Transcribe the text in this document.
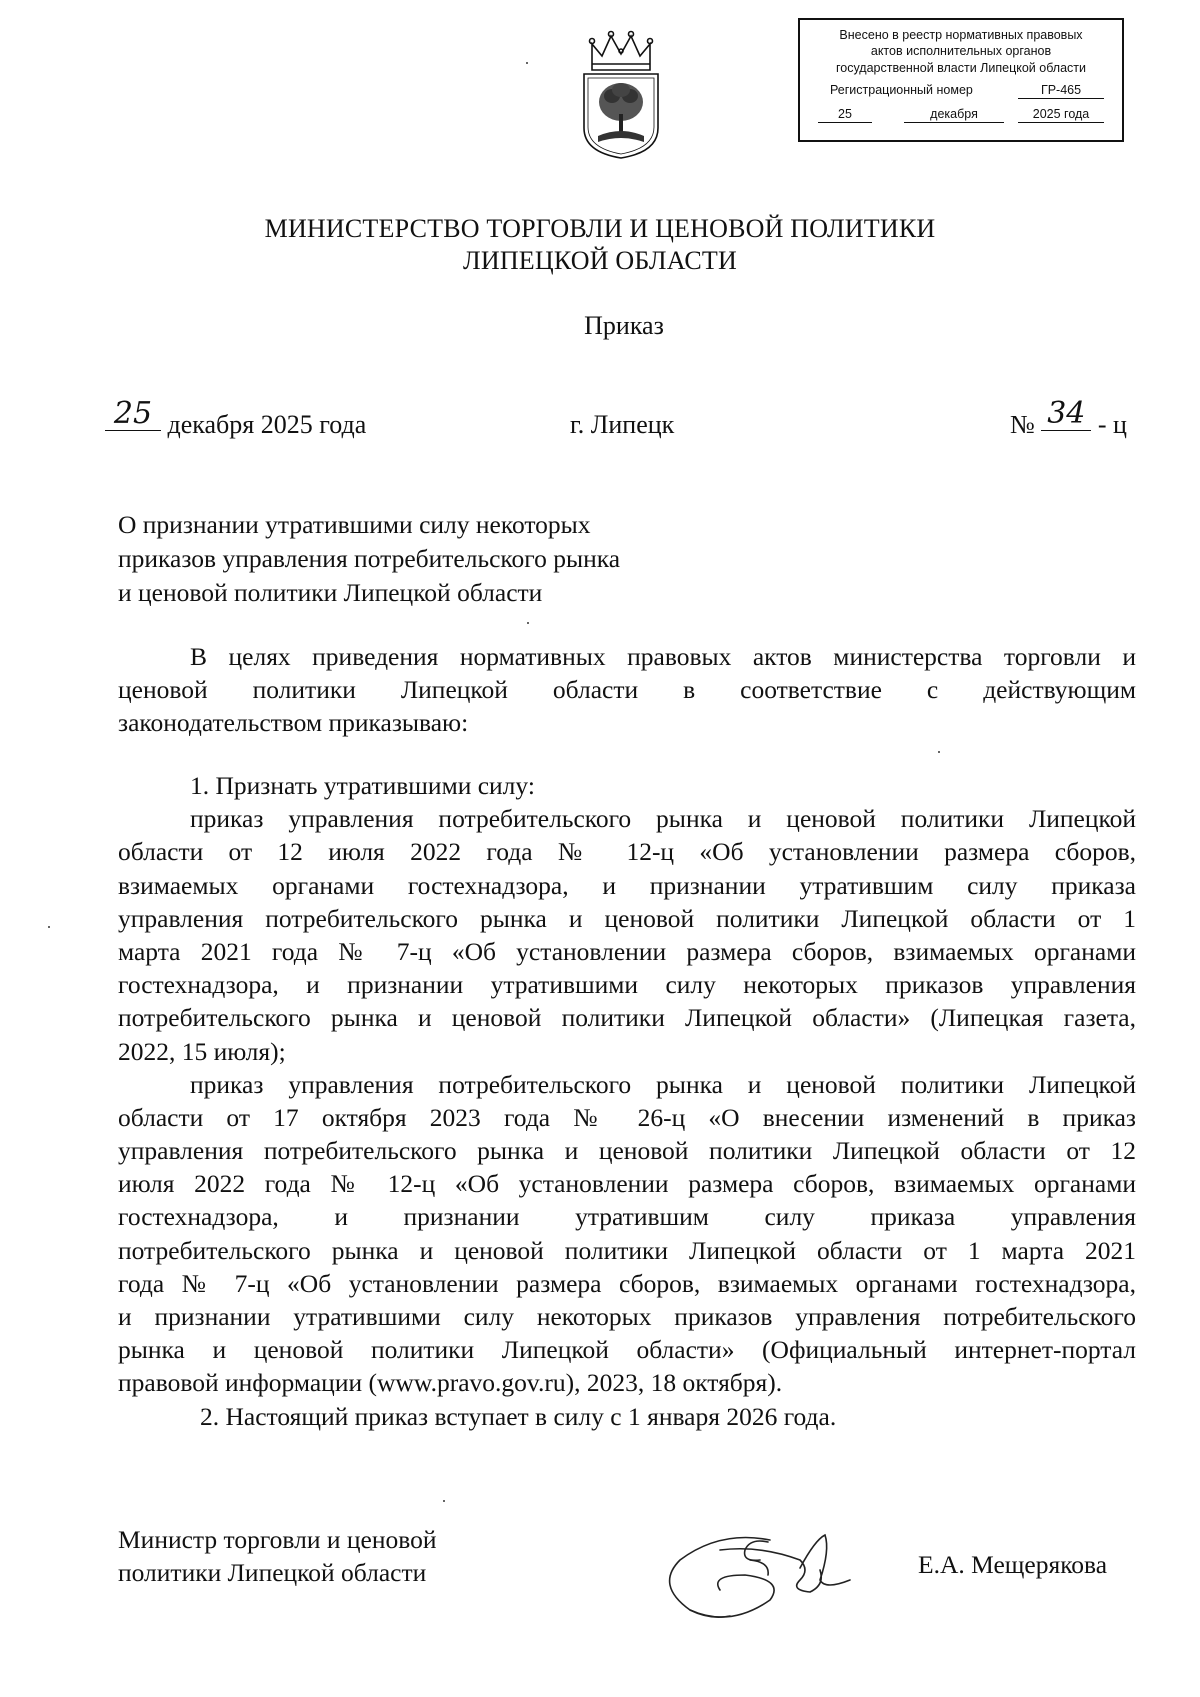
Внесено в реестр нормативных правовых
актов исполнительных органов
государственной власти Липецкой области
Регистрационный номер	ГР-465
25	декабря	2025 года
МИНИСТЕРСТВО ТОРГОВЛИ И ЦЕНОВОЙ ПОЛИТИКИ
ЛИПЕЦКОЙ ОБЛАСТИ
Приказ
25 декабря 2025 года	г. Липецк	№ 34 - ц
О признании утратившими силу некоторых
приказов управления потребительского рынка
и ценовой политики Липецкой области
В целях приведения нормативных правовых актов министерства торговли и
ценовой политики Липецкой области в соответствие с действующим
законодательством приказываю:
1. Признать утратившими силу:
приказ управления потребительского рынка и ценовой политики Липецкой
области от 12 июля 2022 года № 12-ц «Об установлении размера сборов,
взимаемых органами гостехнадзора, и признании утратившим силу приказа
управления потребительского рынка и ценовой политики Липецкой области от 1
марта 2021 года № 7-ц «Об установлении размера сборов, взимаемых органами
гостехнадзора, и признании утратившими силу некоторых приказов управления
потребительского рынка и ценовой политики Липецкой области» (Липецкая газета,
2022, 15 июля);
приказ управления потребительского рынка и ценовой политики Липецкой
области от 17 октября 2023 года № 26-ц «О внесении изменений в приказ
управления потребительского рынка и ценовой политики Липецкой области от 12
июля 2022 года № 12-ц «Об установлении размера сборов, взимаемых органами
гостехнадзора, и признании утратившим силу приказа управления
потребительского рынка и ценовой политики Липецкой области от 1 марта 2021
года № 7-ц «Об установлении размера сборов, взимаемых органами гостехнадзора,
и признании утратившими силу некоторых приказов управления потребительского
рынка и ценовой политики Липецкой области» (Официальный интернет-портал
правовой информации (www.pravo.gov.ru), 2023, 18 октября).
2. Настоящий приказ вступает в силу с 1 января 2026 года.
Министр торговли и ценовой
политики Липецкой области	Е.А. Мещерякова
